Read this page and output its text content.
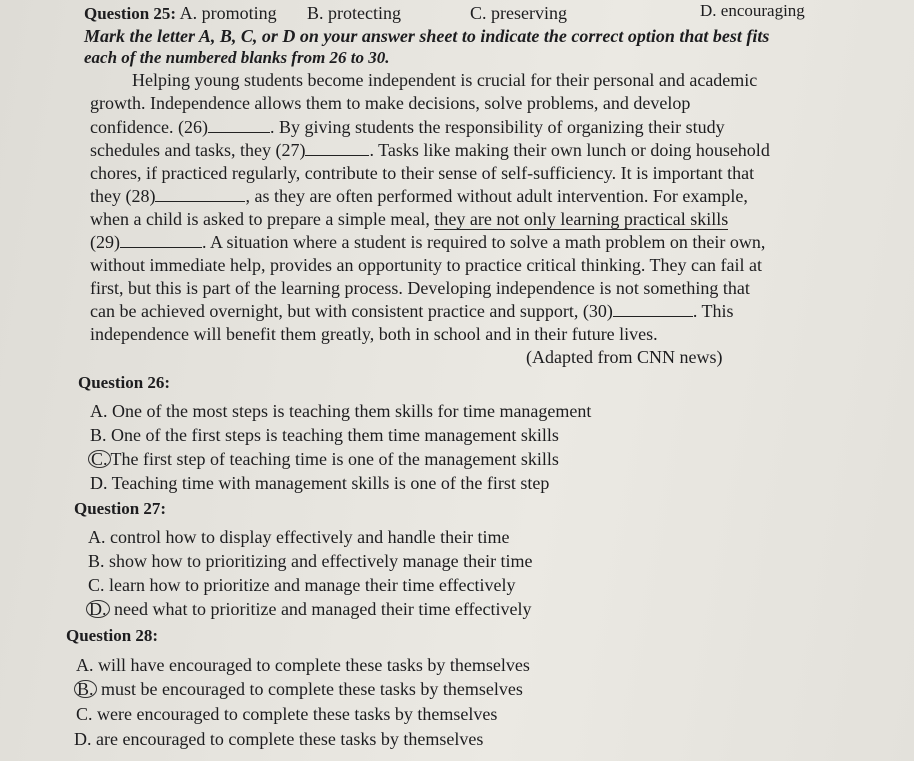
Question 25: A. promoting B. protecting	C. preserving	D. encouraging
Mark the letter A, B, C, or D on your answer sheet to indicate the correct option that best fits
each of the numbered blanks from 26 to 30.
Helping young students become independent is crucial for their personal and academic
growth. Independence allows them to make decisions, solve problems, and develop
confidence. (26)	. By giving students the responsibility of organizing their study
schedules and tasks, they (27)	. Tasks like making their own lunch or doing household
chores, if practiced regularly, contribute to their sense of self-sufficiency. It is important that
they (28)	, as they are often performed without adult intervention. For example,
when a child is asked to prepare a simple meal, they are not only learning practical skills
(29)	. A situation where a student is required to solve a math problem on their own,
without immediate help, provides an opportunity to practice critical thinking. They can fail at
first, but this is part of the learning process. Developing independence is not something that
can be achieved overnight, but with consistent practice and support, (30)	. This
independence will benefit them greatly, both in school and in their future lives.
(Adapted from CNN news)
Question 26:
A. One of the most steps is teaching them skills for time management
B. One of the first steps is teaching them time management skills
C. The first step of teaching time is one of the management skills
D. Teaching time with management skills is one of the first step
Question 27:
A. control how to display effectively and handle their time
B. show how to prioritizing and effectively manage their time
C. learn how to prioritize and manage their time effectively
D. need what to prioritize and managed their time effectively
Question 28:
A. will have encouraged to complete these tasks by themselves
B. must be encouraged to complete these tasks by themselves
C. were encouraged to complete these tasks by themselves
D. are encouraged to complete these tasks by themselves
